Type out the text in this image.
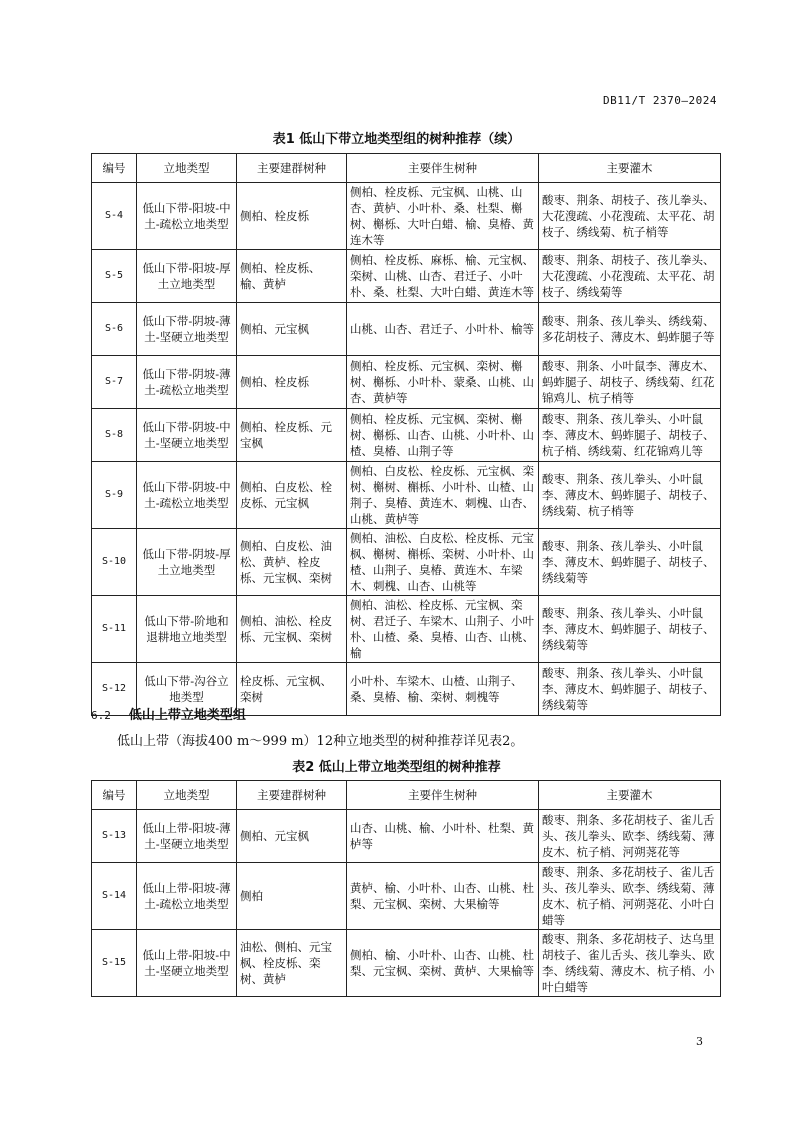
DB11/T 2370—2024
表1 低山下带立地类型组的树种推荐（续）
编号	立地类型	主要建群树种	主要伴生树种	主要灌木
S-4	低山下带-阳坡-中土-疏松立地类型	侧柏、栓皮栎	侧柏、栓皮栎、元宝枫、山桃、山杏、黄栌、小叶朴、桑、杜梨、槲树、槲栎、大叶白蜡、榆、臭椿、黄连木等	酸枣、荆条、胡枝子、孩儿拳头、大花溲疏、小花溲疏、太平花、胡枝子、绣线菊、杭子梢等
S-5	低山下带-阳坡-厚土立地类型	侧柏、栓皮栎、榆、黄栌	侧柏、栓皮栎、麻栎、榆、元宝枫、栾树、山桃、山杏、君迁子、小叶朴、桑、杜梨、大叶白蜡、黄连木等	酸枣、荆条、胡枝子、孩儿拳头、大花溲疏、小花溲疏、太平花、胡枝子、绣线菊等
S-6	低山下带-阴坡-薄土-坚硬立地类型	侧柏、元宝枫	山桃、山杏、君迁子、小叶朴、榆等	酸枣、荆条、孩儿拳头、绣线菊、多花胡枝子、薄皮木、蚂蚱腿子等
S-7	低山下带-阴坡-薄土-疏松立地类型	侧柏、栓皮栎	侧柏、栓皮栎、元宝枫、栾树、槲树、槲栎、小叶朴、蒙桑、山桃、山杏、黄栌等	酸枣、荆条、小叶鼠李、薄皮木、蚂蚱腿子、胡枝子、绣线菊、红花锦鸡儿、杭子梢等
S-8	低山下带-阴坡-中土-坚硬立地类型	侧柏、栓皮栎、元宝枫	侧柏、栓皮栎、元宝枫、栾树、槲树、槲栎、山杏、山桃、小叶朴、山楂、臭椿、山荆子等	酸枣、荆条、孩儿拳头、小叶鼠李、薄皮木、蚂蚱腿子、胡枝子、杭子梢、绣线菊、红花锦鸡儿等
S-9	低山下带-阴坡-中土-疏松立地类型	侧柏、白皮松、栓皮栎、元宝枫	侧柏、白皮松、栓皮栎、元宝枫、栾树、槲树、槲栎、小叶朴、山楂、山荆子、臭椿、黄连木、刺槐、山杏、山桃、黄栌等	酸枣、荆条、孩儿拳头、小叶鼠李、薄皮木、蚂蚱腿子、胡枝子、绣线菊、杭子梢等
S-10	低山下带-阴坡-厚土立地类型	侧柏、白皮松、油松、黄栌、栓皮栎、元宝枫、栾树	侧柏、油松、白皮松、栓皮栎、元宝枫、槲树、槲栎、栾树、小叶朴、山楂、山荆子、臭椿、黄连木、车梁木、刺槐、山杏、山桃等	酸枣、荆条、孩儿拳头、小叶鼠李、薄皮木、蚂蚱腿子、胡枝子、绣线菊等
S-11	低山下带-阶地和退耕地立地类型	侧柏、油松、栓皮栎、元宝枫、栾树	侧柏、油松、栓皮栎、元宝枫、栾树、君迁子、车梁木、山荆子、小叶朴、山楂、桑、臭椿、山杏、山桃、榆	酸枣、荆条、孩儿拳头、小叶鼠李、薄皮木、蚂蚱腿子、胡枝子、绣线菊等
S-12	低山下带-沟谷立地类型	栓皮栎、元宝枫、栾树	小叶朴、车梁木、山楂、山荆子、桑、臭椿、榆、栾树、刺槐等	酸枣、荆条、孩儿拳头、小叶鼠李、薄皮木、蚂蚱腿子、胡枝子、绣线菊等
6.2 低山上带立地类型组
低山上带（海拔400 m～999 m）12种立地类型的树种推荐详见表2。
表2 低山上带立地类型组的树种推荐
编号	立地类型	主要建群树种	主要伴生树种	主要灌木
S-13	低山上带-阳坡-薄土-坚硬立地类型	侧柏、元宝枫	山杏、山桃、榆、小叶朴、杜梨、黄栌等	酸枣、荆条、多花胡枝子、雀儿舌头、孩儿拳头、欧李、绣线菊、薄皮木、杭子梢、河朔荛花等
S-14	低山上带-阳坡-薄土-疏松立地类型	侧柏	黄栌、榆、小叶朴、山杏、山桃、杜梨、元宝枫、栾树、大果榆等	酸枣、荆条、多花胡枝子、雀儿舌头、孩儿拳头、欧李、绣线菊、薄皮木、杭子梢、河朔荛花、小叶白蜡等
S-15	低山上带-阳坡-中土-坚硬立地类型	油松、侧柏、元宝枫、栓皮栎、栾树、黄栌	侧柏、榆、小叶朴、山杏、山桃、杜梨、元宝枫、栾树、黄栌、大果榆等	酸枣、荆条、多花胡枝子、达乌里胡枝子、雀儿舌头、孩儿拳头、欧李、绣线菊、薄皮木、杭子梢、小叶白蜡等
3
